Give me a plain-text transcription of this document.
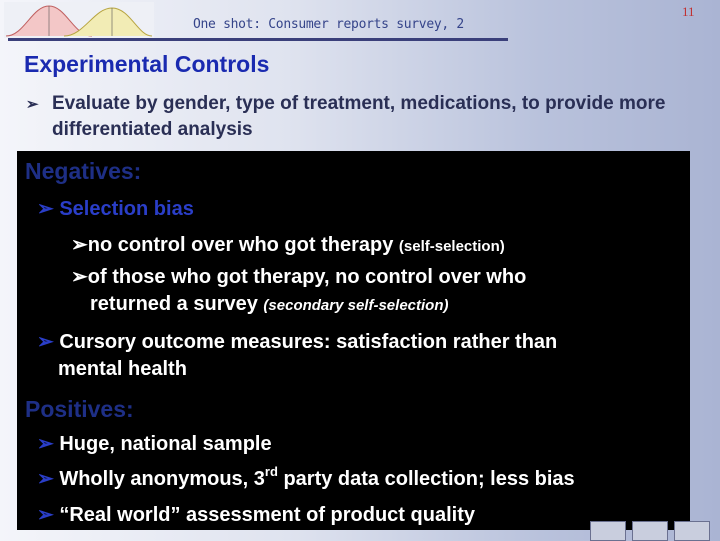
One shot: Consumer reports survey, 2
11
Experimental Controls
➢ Evaluate by gender, type of treatment, medications, to provide more differentiated analysis
Negatives:
➢ Selection bias
➢no control over who got therapy (self-selection)
➢of those who got therapy, no control over who
returned a survey (secondary self-selection)
➢ Cursory outcome measures: satisfaction rather than
mental health
Positives:
➢ Huge, national sample
➢ Wholly anonymous, 3rd party data collection; less bias
➢ “Real world” assessment of product quality
